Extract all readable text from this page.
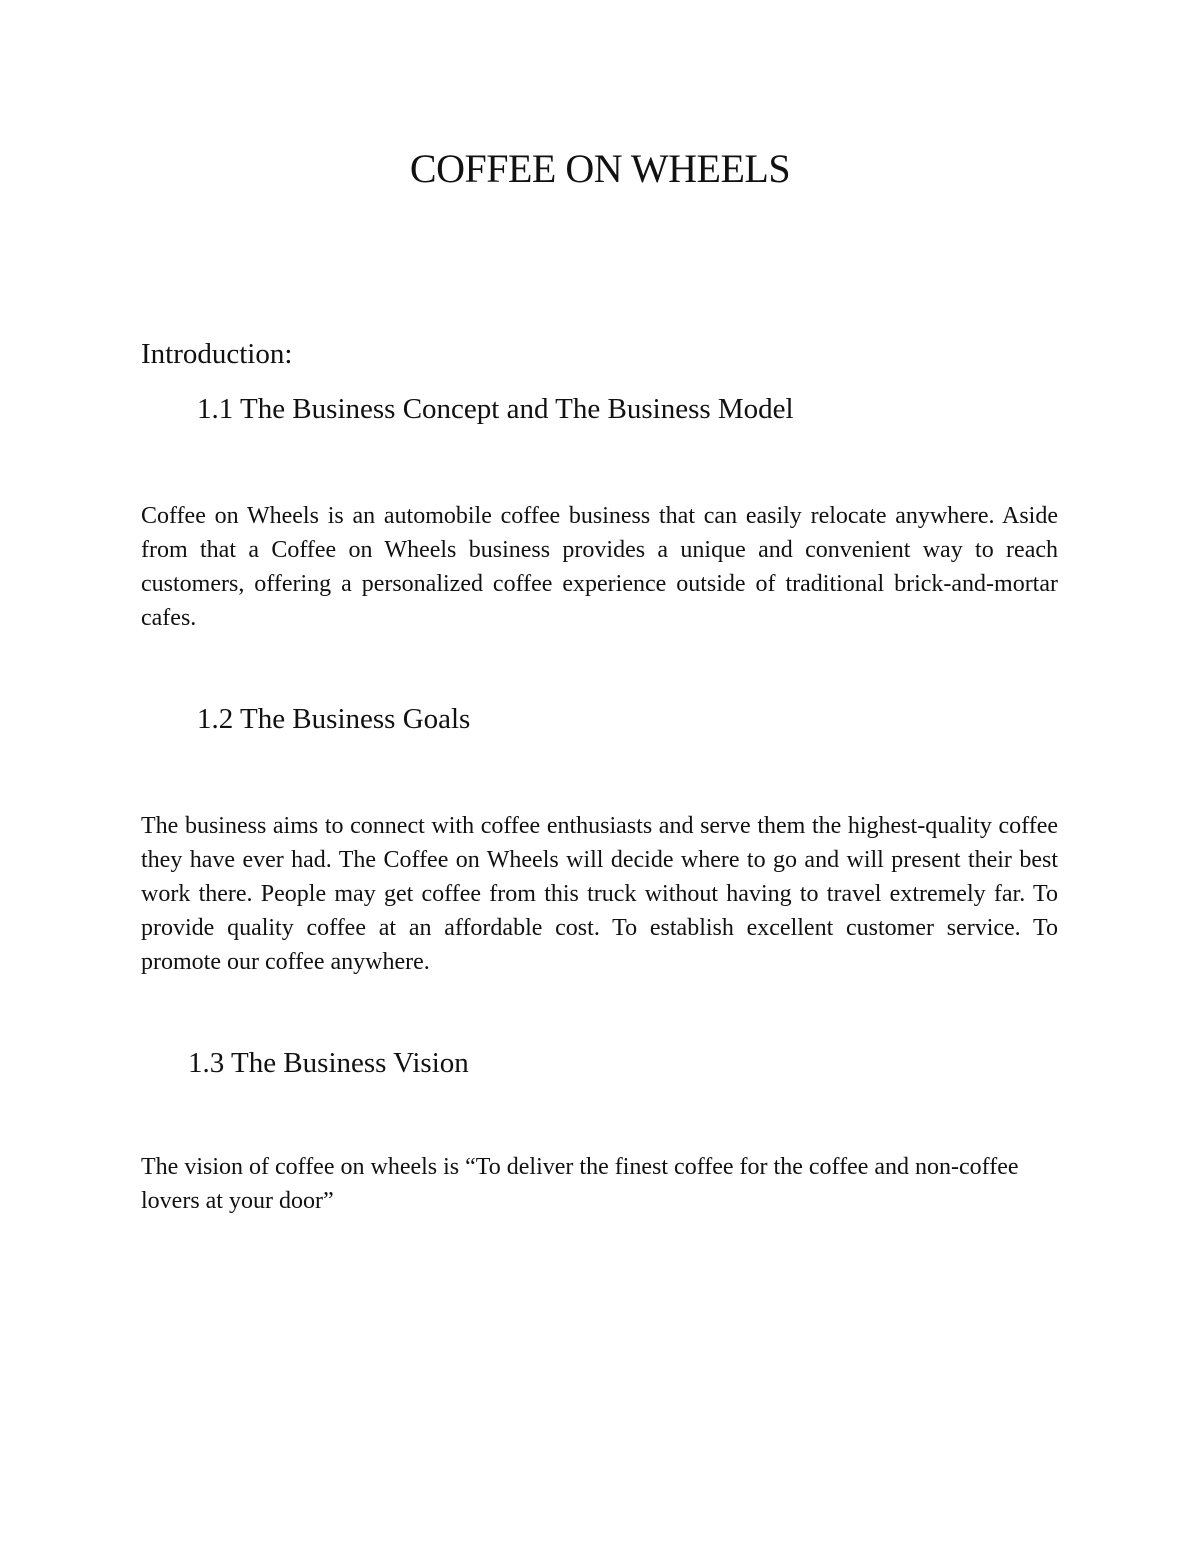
COFFEE ON WHEELS
Introduction:
1.1 The Business Concept and The Business Model

Coffee on Wheels is an automobile coffee business that can easily relocate anywhere. Aside from that a Coffee on Wheels business provides a unique and convenient way to reach customers, offering a personalized coffee experience outside of traditional brick-and-mortar cafes.

1.2 The Business Goals

The business aims to connect with coffee enthusiasts and serve them the highest-quality coffee they have ever had. The Coffee on Wheels will decide where to go and will present their best work there. People may get coffee from this truck without having to travel extremely far. To provide quality coffee at an affordable cost. To establish excellent customer service. To promote our coffee anywhere.

1.3 The Business Vision

The vision of coffee on wheels is “To deliver the finest coffee for the coffee and non-coffee lovers at your door”
